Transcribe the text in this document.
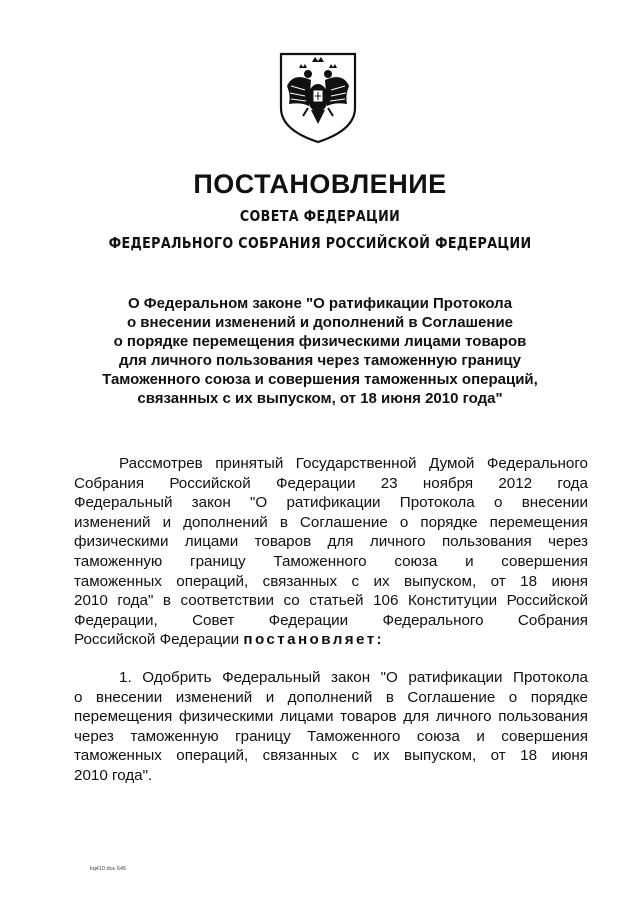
ПОСТАНОВЛЕНИЕ
СОВЕТА ФЕДЕРАЦИИ
ФЕДЕРАЛЬНОГО СОБРАНИЯ РОССИЙСКОЙ ФЕДЕРАЦИИ
О Федеральном законе "О ратификации Протокола
о внесении изменений и дополнений в Соглашение
о порядке перемещения физическими лицами товаров
для личного пользования через таможенную границу
Таможенного союза и совершения таможенных операций,
связанных с их выпуском, от 18 июня 2010 года"
Рассмотрев принятый Государственной Думой Федерального
Собрания Российской Федерации 23 ноября 2012 года
Федеральный закон "О ратификации Протокола о внесении
изменений и дополнений в Соглашение о порядке перемещения
физическими лицами товаров для личного пользования через
таможенную границу Таможенного союза и совершения
таможенных операций, связанных с их выпуском, от 18 июня
2010 года" в соответствии со статьей 106 Конституции Российской
Федерации, Совет Федерации Федерального Собрания
Российской Федерации постановляет:
1. Одобрить Федеральный закон "О ратификации Протокола
о внесении изменений и дополнений в Соглашение о порядке
перемещения физическими лицами товаров для личного пользования
через таможенную границу Таможенного союза и совершения
таможенных операций, связанных с их выпуском, от 18 июня
2010 года".
kq410.doc 645
